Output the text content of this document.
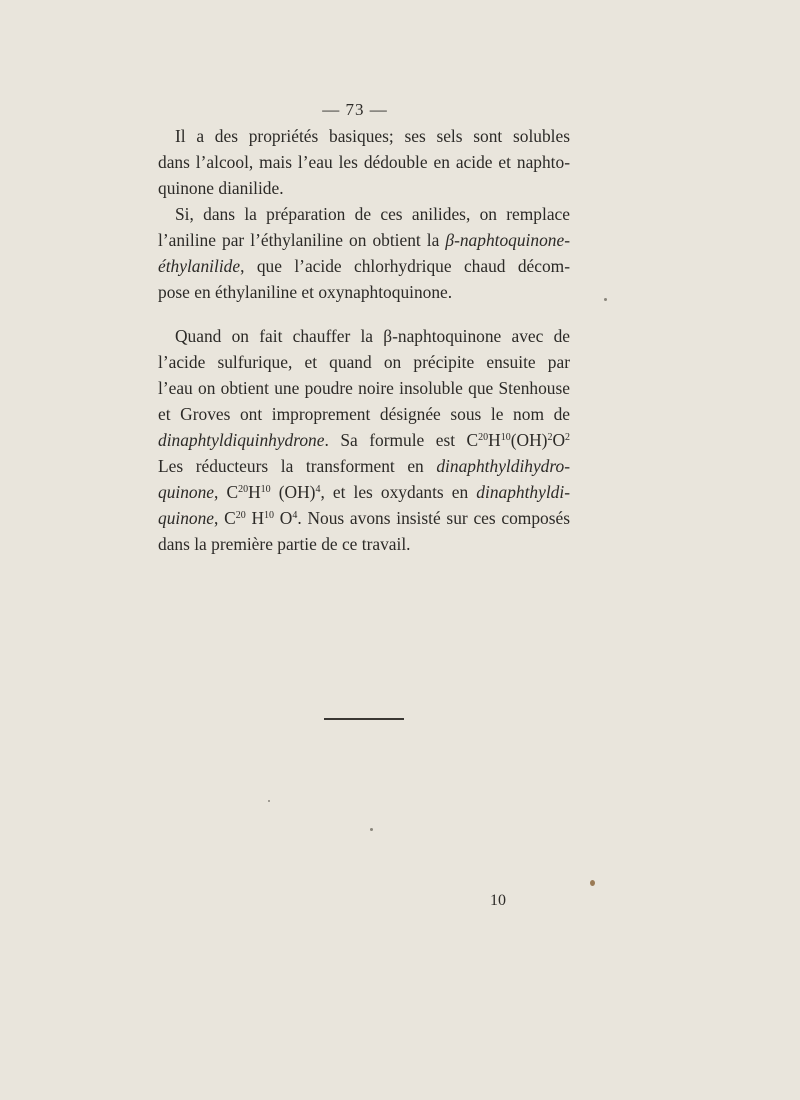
— 73 —
Il a des propriétés basiques; ses sels sont solubles
dans l’alcool, mais l’eau les dédouble en acide et naphto-
quinone dianilide.
Si, dans la préparation de ces anilides, on remplace
l’aniline par l’éthylaniline on obtient la β-naphtoquinone-
éthylanilide, que l’acide chlorhydrique chaud décom-
pose en éthylaniline et oxynaphtoquinone.
Quand on fait chauffer la β-naphtoquinone avec de
l’acide sulfurique, et quand on précipite ensuite par
l’eau on obtient une poudre noire insoluble que Stenhouse
et Groves ont improprement désignée sous le nom de
dinaphtyldiquinhydrone. Sa formule est $C^{20}H^{10}(OH)^2O^2$
Les réducteurs la transforment en dinaphthyldihydro-
quinone, $C^{20}H^{10}$ (OH)$^4$, et les oxydants en dinaphthyldi-
quinone, $C^{20}$ $H^{10}$ $O^4$. Nous avons insisté sur ces composés
dans la première partie de ce travail.
10
